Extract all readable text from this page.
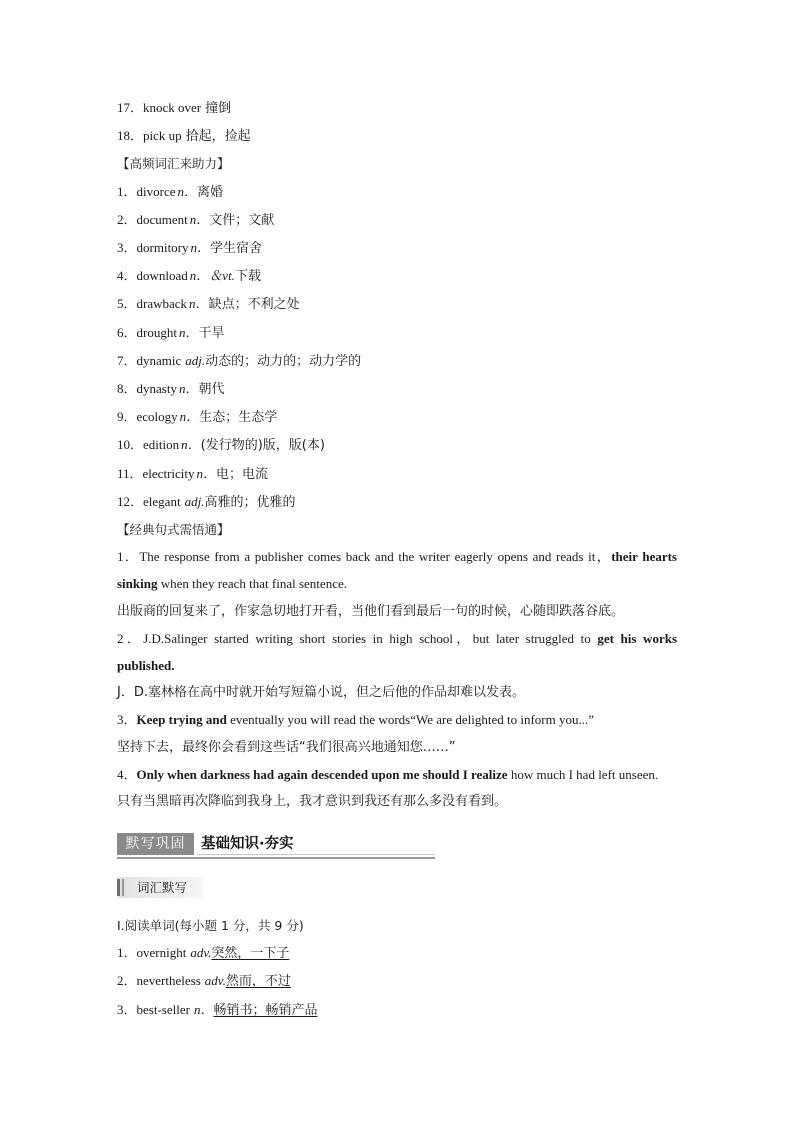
17．knock over 撞倒
18．pick up 拾起，捡起
【高频词汇来助力】
1．divorce n．离婚
2．document n．文件；文献
3．dormitory n．学生宿舍
4．download n．＆vt.下载
5．drawback n．缺点；不利之处
6．drought n．干旱
7．dynamic adj.动态的；动力的；动力学的
8．dynasty n．朝代
9．ecology n．生态；生态学
10．edition n．(发行物的)版，版(本)
11．electricity n．电；电流
12．elegant adj.高雅的；优雅的
【经典句式需悟通】
1．The response from a publisher comes back and the writer eagerly opens and reads it，their hearts sinking when they reach that final sentence.
出版商的回复来了，作家急切地打开看，当他们看到最后一句的时候，心随即跌落谷底。
2．J.D.Salinger started writing short stories in high school，but later struggled to get his works published.
J．D.塞林格在高中时就开始写短篇小说，但之后他的作品却难以发表。
3．Keep trying and eventually you will read the words“We are delighted to inform you...”
坚持下去，最终你会看到这些话“我们很高兴地通知您……”
4．Only when darkness had again descended upon me should I realize how much I had left unseen.
只有当黑暗再次降临到我身上，我才意识到我还有那么多没有看到。
默写巩固	基础知识·夯实
词汇默写
Ⅰ.阅读单词(每小题 1 分，共 9 分)
1．overnight adv.突然，一下子
2．nevertheless adv.然而，不过
3．best-seller n．畅销书；畅销产品
